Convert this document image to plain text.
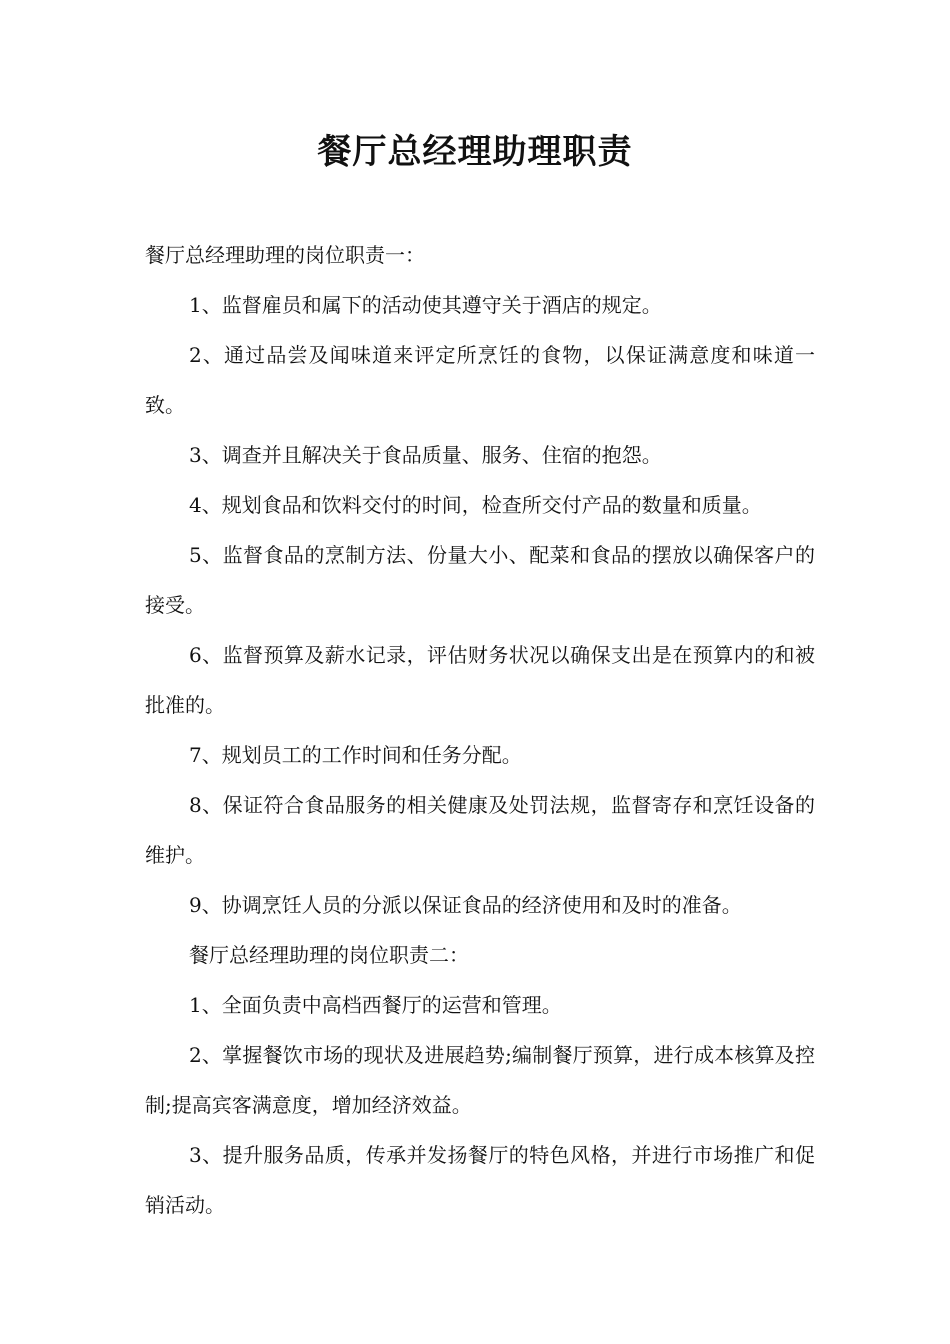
餐厅总经理助理职责

餐厅总经理助理的岗位职责一：

1、监督雇员和属下的活动使其遵守关于酒店的规定。

2、通过品尝及闻味道来评定所烹饪的食物，以保证满意度和味道一致。

3、调查并且解决关于食品质量、服务、住宿的抱怨。

4、规划食品和饮料交付的时间，检查所交付产品的数量和质量。

5、监督食品的烹制方法、份量大小、配菜和食品的摆放以确保客户的接受。

6、监督预算及薪水记录，评估财务状况以确保支出是在预算内的和被批准的。

7、规划员工的工作时间和任务分配。

8、保证符合食品服务的相关健康及处罚法规，监督寄存和烹饪设备的维护。

9、协调烹饪人员的分派以保证食品的经济使用和及时的准备。

餐厅总经理助理的岗位职责二：

1、全面负责中高档西餐厅的运营和管理。

2、掌握餐饮市场的现状及进展趋势;编制餐厅预算，进行成本核算及控制;提高宾客满意度，增加经济效益。

3、提升服务品质，传承并发扬餐厅的特色风格，并进行市场推广和促销活动。
